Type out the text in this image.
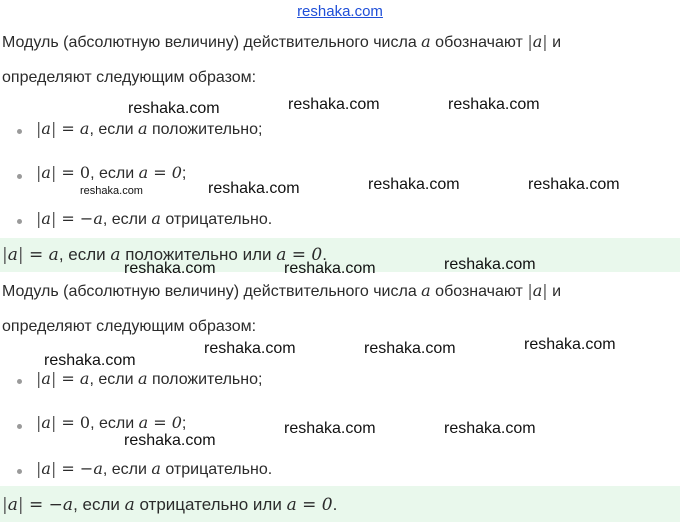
reshaka.com
Модуль (абсолютную величину) действительного числа a обозначают |a| и
определяют следующим образом:
|a| = a, если a положительно;
|a| = 0, если a = 0;
|a| = −a, если a отрицательно.
|a| = a, если a положительно или a = 0.
Модуль (абсолютную величину) действительного числа a обозначают |a| и
определяют следующим образом:
|a| = a, если a положительно;
|a| = 0, если a = 0;
|a| = −a, если a отрицательно.
|a| = −a, если a отрицательно или a = 0.
reshaka.com	reshaka.com	reshaka.com
reshaka.com	reshaka.com	reshaka.com	reshaka.com
reshaka.com	reshaka.com	reshaka.com
reshaka.com
reshaka.com	reshaka.com	reshaka.com
reshaka.com
reshaka.com	reshaka.com
